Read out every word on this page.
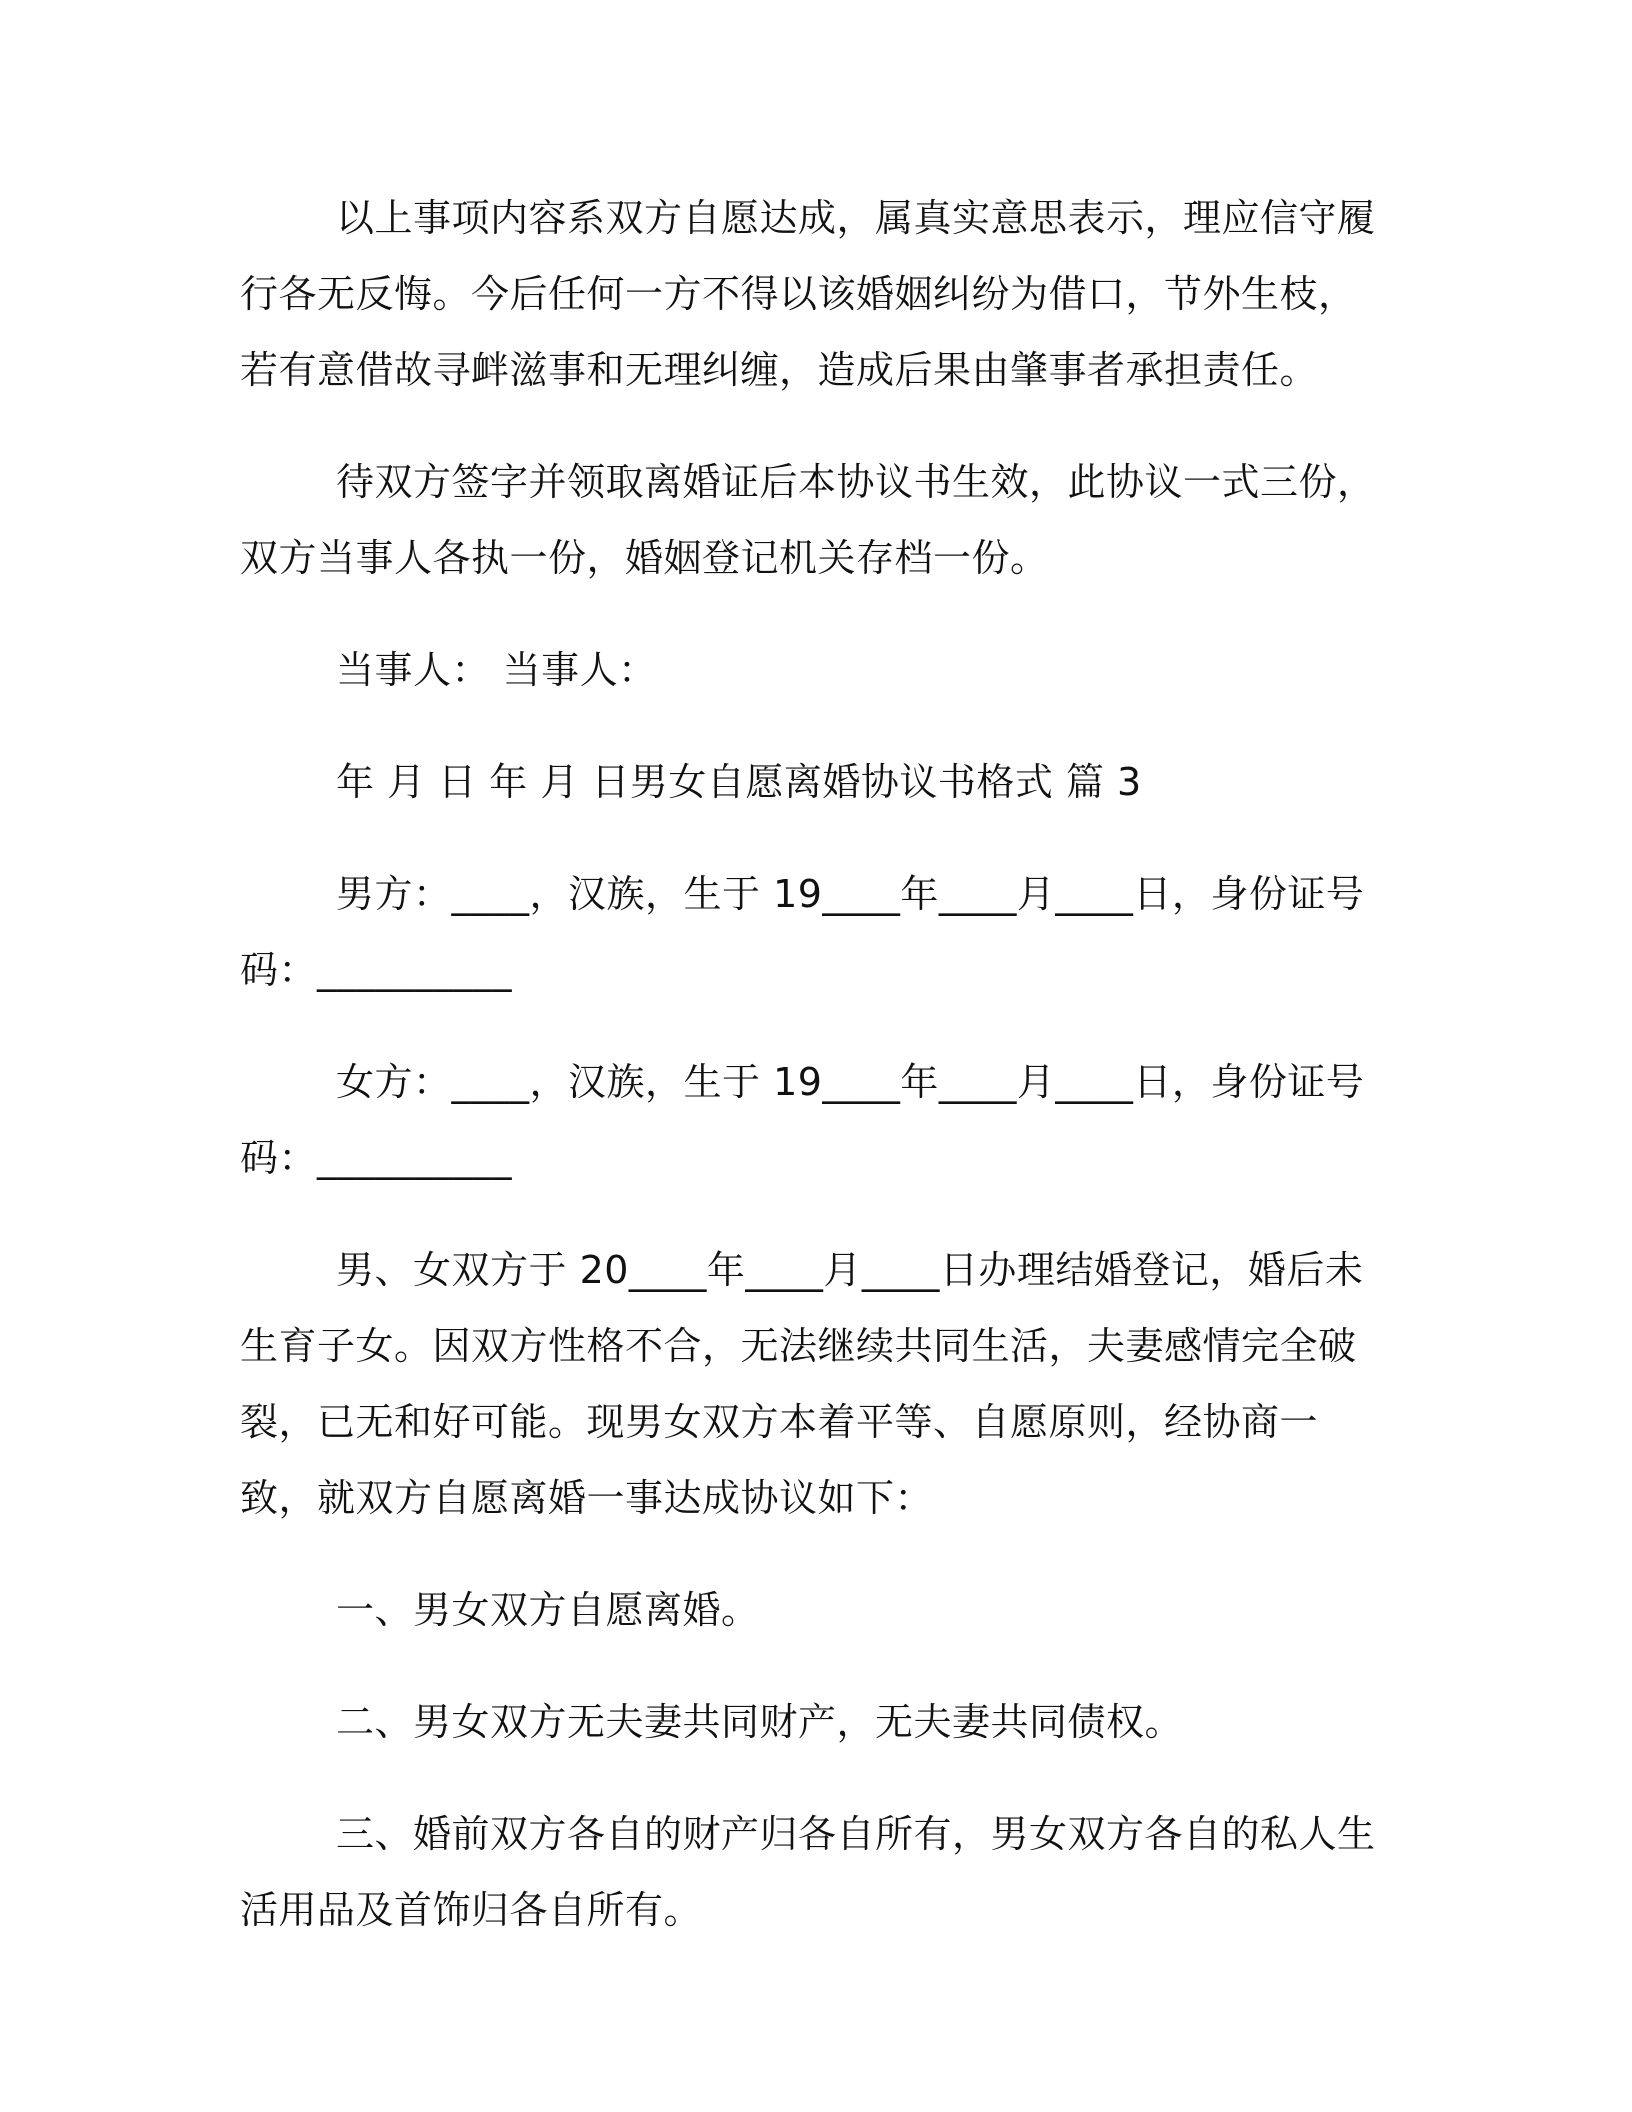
以上事项内容系双方自愿达成，属真实意思表示，理应信守履行各无反悔。今后任何一方不得以该婚姻纠纷为借口，节外生枝，若有意借故寻衅滋事和无理纠缠，造成后果由肇事者承担责任。

待双方签字并领取离婚证后本协议书生效，此协议一式三份，双方当事人各执一份，婚姻登记机关存档一份。

当事人： 当事人：

年 月 日 年 月 日男女自愿离婚协议书格式 篇 3

男方：____，汉族，生于 19____年____月____日，身份证号码：__________

女方：____，汉族，生于 19____年____月____日，身份证号码：__________

男、女双方于 20____年____月____日办理结婚登记，婚后未生育子女。因双方性格不合，无法继续共同生活，夫妻感情完全破裂，已无和好可能。现男女双方本着平等、自愿原则，经协商一致，就双方自愿离婚一事达成协议如下：

一、男女双方自愿离婚。

二、男女双方无夫妻共同财产，无夫妻共同债权。

三、婚前双方各自的财产归各自所有，男女双方各自的私人生活用品及首饰归各自所有。
